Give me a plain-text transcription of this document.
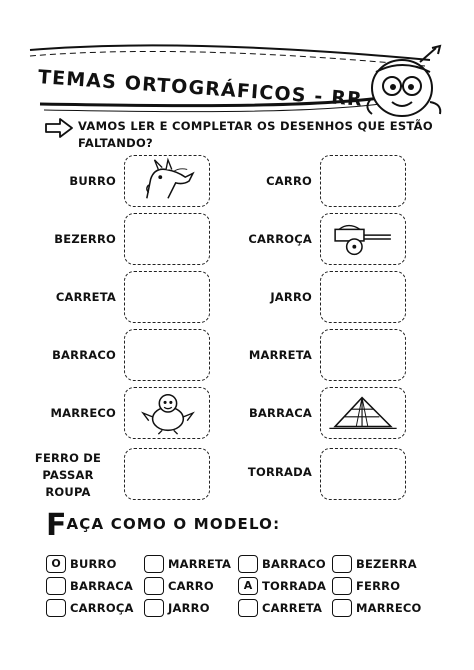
TEMAS ORTOGRÁFICOS - RR
VAMOS LER E COMPLETAR OS DESENHOS QUE ESTÃO FALTANDO?
BURRO
BEZERRO
CARRETA
BARRACO
MARRECO
FERRO DE
PASSAR
ROUPA
CARRO
CARROÇA
JARRO
MARRETA
BARRACA
TORRADA
FAÇA COMO O MODELO:
O BURRO	MARRETA	BARRACO	BEZERRA
BARRACA	CARRO	A TORRADA	FERRO
CARROÇA	JARRO	CARRETA	MARRECO
